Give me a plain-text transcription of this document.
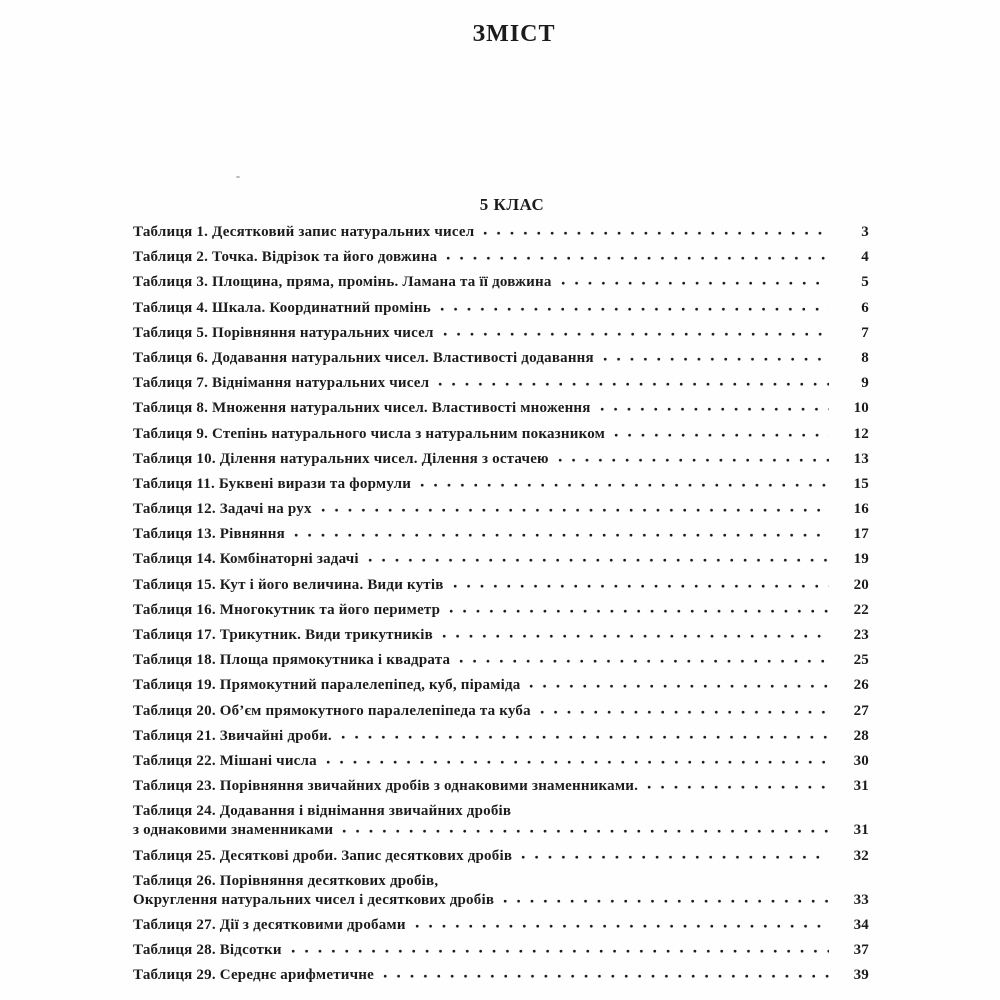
ЗМІСТ
5 КЛАС
Таблиця 1. Десятковий запис натуральних чисел	3
Таблиця 2. Точка. Відрізок та його довжина	4
Таблиця 3. Площина, пряма, промінь. Ламана та її довжина	5
Таблиця 4. Шкала. Координатний промінь	6
Таблиця 5. Порівняння натуральних чисел	7
Таблиця 6. Додавання натуральних чисел. Властивості додавання	8
Таблиця 7. Віднімання натуральних чисел	9
Таблиця 8. Множення натуральних чисел. Властивості множення	10
Таблиця 9. Степінь натурального числа з натуральним показником	12
Таблиця 10. Ділення натуральних чисел. Ділення з остачею	13
Таблиця 11. Буквені вирази та формули	15
Таблиця 12. Задачі на рух	16
Таблиця 13. Рівняння	17
Таблиця 14. Комбінаторні задачі	19
Таблиця 15. Кут і його величина. Види кутів	20
Таблиця 16. Многокутник та його периметр	22
Таблиця 17. Трикутник. Види трикутників	23
Таблиця 18. Площа прямокутника і квадрата	25
Таблиця 19. Прямокутний паралелепіпед, куб, піраміда	26
Таблиця 20. Об’єм прямокутного паралелепіпеда та куба	27
Таблиця 21. Звичайні дроби.	28
Таблиця 22. Мішані числа	30
Таблиця 23. Порівняння звичайних дробів з однаковими знаменниками.	31
Таблиця 24. Додавання і віднімання звичайних дробів
з однаковими знаменниками	31
Таблиця 25. Десяткові дроби. Запис десяткових дробів	32
Таблиця 26. Порівняння десяткових дробів,
Округлення натуральних чисел і десяткових дробів	33
Таблиця 27. Дії з десятковими дробами	34
Таблиця 28. Відсотки	37
Таблиця 29. Середнє арифметичне	39
